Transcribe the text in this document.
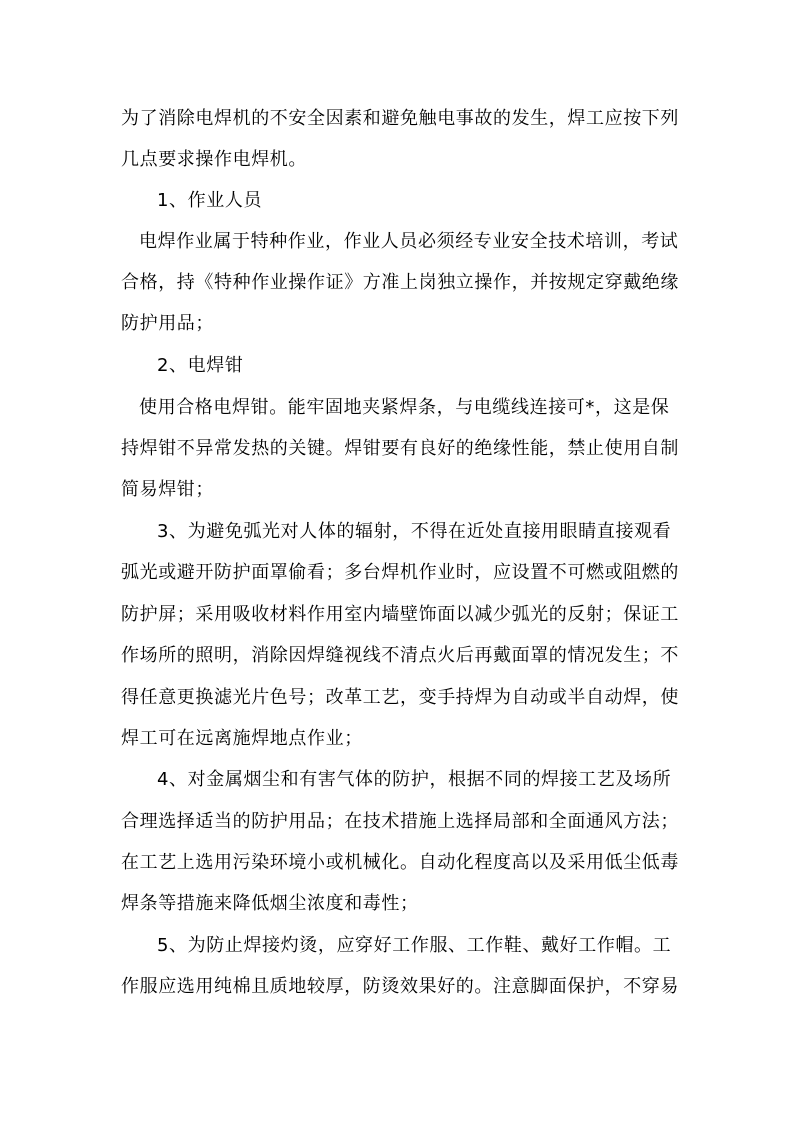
为了消除电焊机的不安全因素和避免触电事故的发生，焊工应按下列
几点要求操作电焊机。
1、作业人员
电焊作业属于特种作业，作业人员必须经专业安全技术培训，考试
合格，持《特种作业操作证》方准上岗独立操作，并按规定穿戴绝缘
防护用品；
2、电焊钳
使用合格电焊钳。能牢固地夹紧焊条，与电缆线连接可*，这是保
持焊钳不异常发热的关键。焊钳要有良好的绝缘性能，禁止使用自制
简易焊钳；
3、为避免弧光对人体的辐射，不得在近处直接用眼睛直接观看
弧光或避开防护面罩偷看；多台焊机作业时，应设置不可燃或阻燃的
防护屏；采用吸收材料作用室内墙壁饰面以减少弧光的反射；保证工
作场所的照明，消除因焊缝视线不清点火后再戴面罩的情况发生；不
得任意更换滤光片色号；改革工艺，变手持焊为自动或半自动焊，使
焊工可在远离施焊地点作业；
4、对金属烟尘和有害气体的防护，根据不同的焊接工艺及场所
合理选择适当的防护用品；在技术措施上选择局部和全面通风方法；
在工艺上选用污染环境小或机械化。自动化程度高以及采用低尘低毒
焊条等措施来降低烟尘浓度和毒性；
5、为防止焊接灼烫，应穿好工作服、工作鞋、戴好工作帽。工
作服应选用纯棉且质地较厚，防烫效果好的。注意脚面保护，不穿易
